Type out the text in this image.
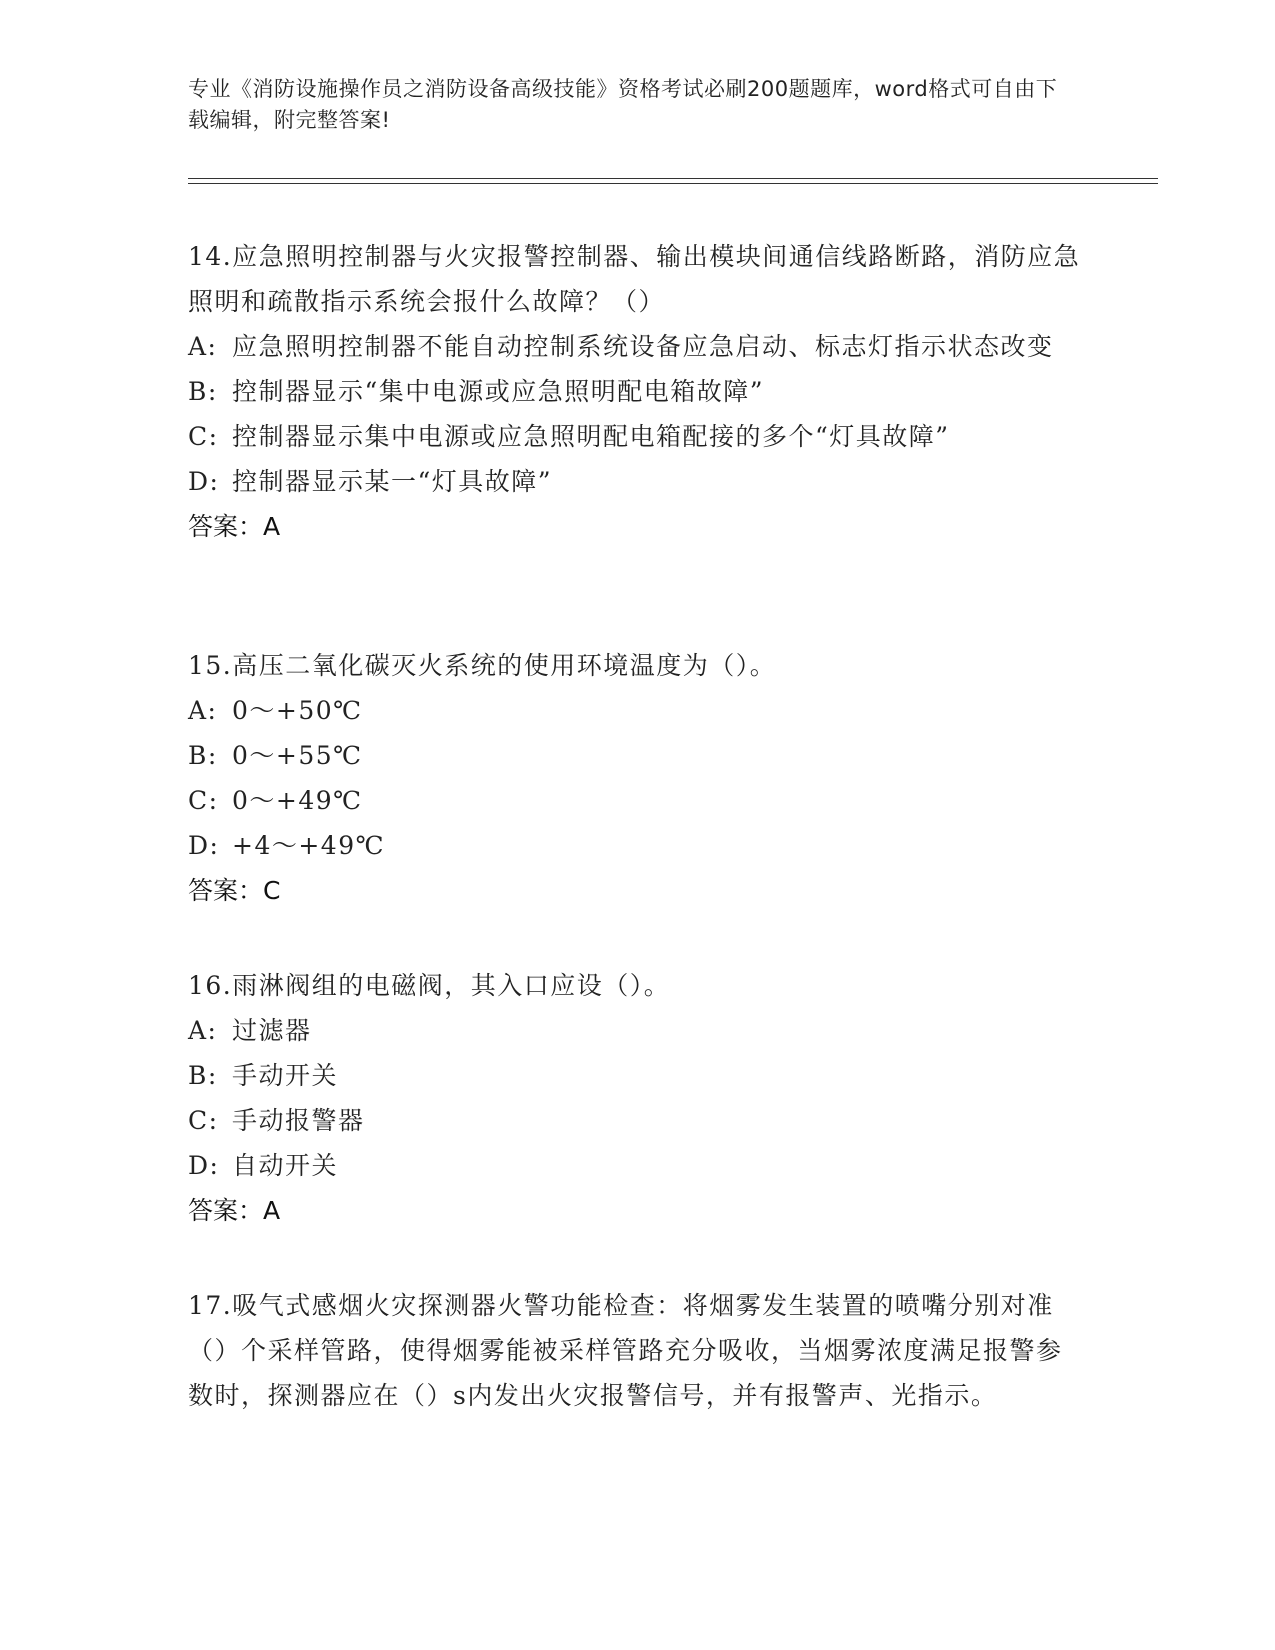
专业《消防设施操作员之消防设备高级技能》资格考试必刷200题题库，word格式可自由下载编辑，附完整答案!

14.应急照明控制器与火灾报警控制器、输出模块间通信线路断路，消防应急照明和疏散指示系统会报什么故障？（）

A: 应急照明控制器不能自动控制系统设备应急启动、标志灯指示状态改变

B: 控制器显示“集中电源或应急照明配电箱故障”

C: 控制器显示集中电源或应急照明配电箱配接的多个“灯具故障”

D: 控制器显示某一“灯具故障”

答案：A

15.高压二氧化碳灭火系统的使用环境温度为（）。

A: 0～+50℃

B: 0～+55℃

C: 0～+49℃

D: +4～+49℃

答案：C

16.雨淋阀组的电磁阀，其入口应设（）。

A: 过滤器

B: 手动开关

C: 手动报警器

D: 自动开关

答案：A

17.吸气式感烟火灾探测器火警功能检查：将烟雾发生装置的喷嘴分别对准（）个采样管路，使得烟雾能被采样管路充分吸收，当烟雾浓度满足报警参数时，探测器应在（）s内发出火灾报警信号，并有报警声、光指示。
